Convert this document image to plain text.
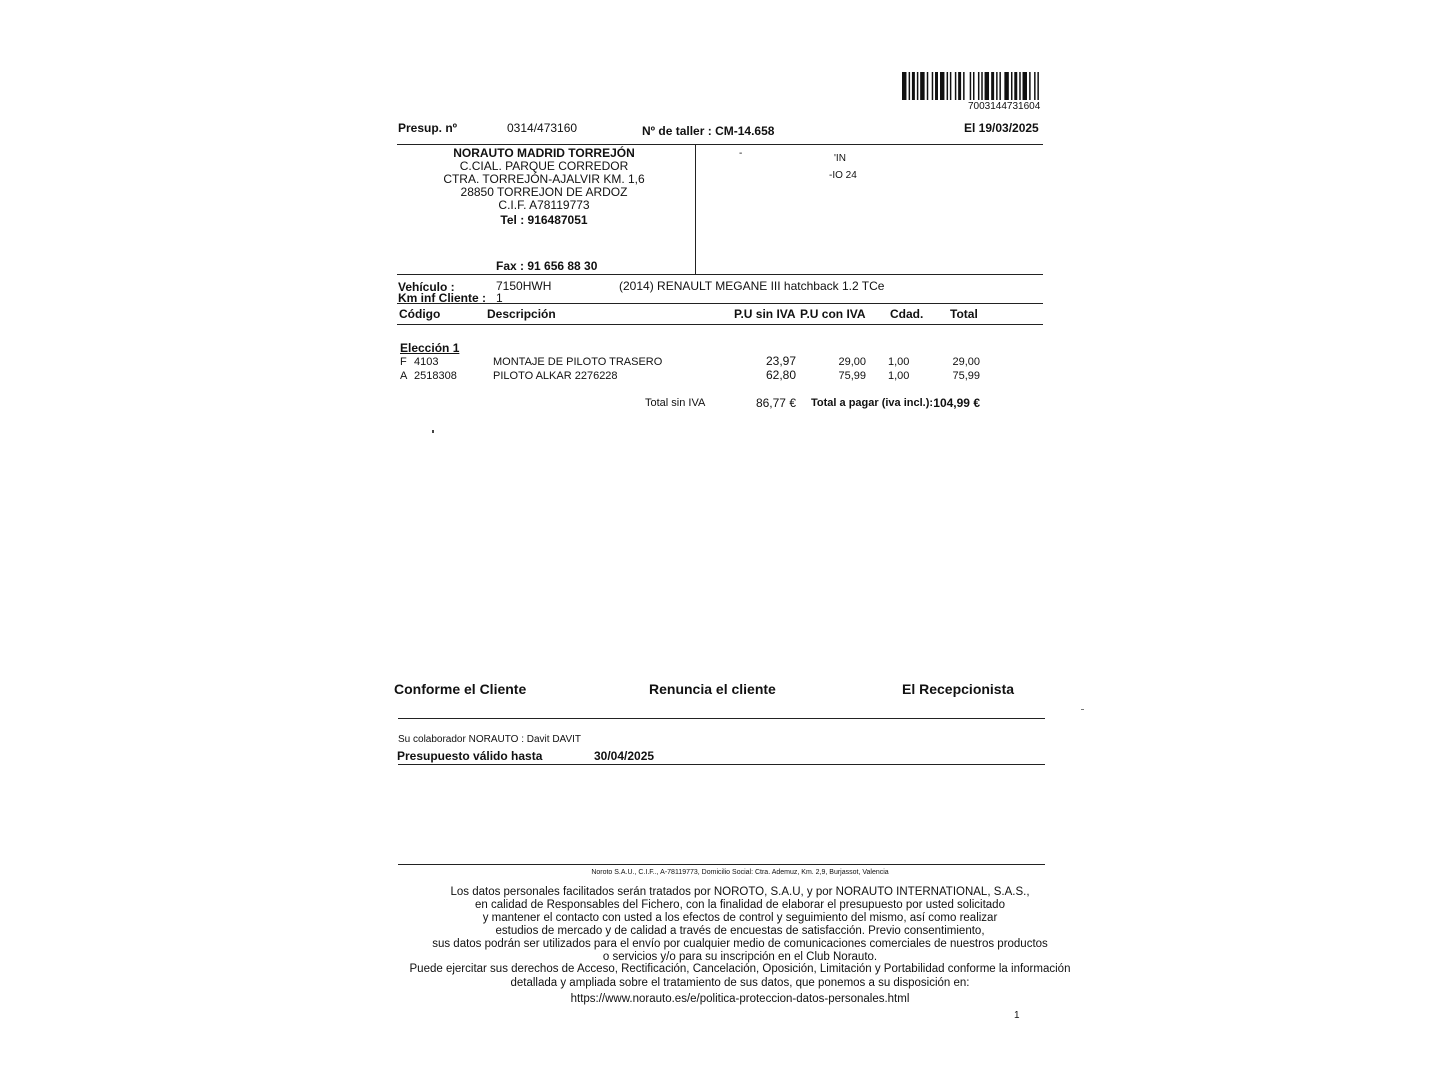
7003144731604
Presup. nº	0314/473160	Nº de taller : CM-14.658	El 19/03/2025
NORAUTO MADRID TORREJÓN
C.CIAL. PARQUE CORREDOR
CTRA. TORREJÓN-AJALVIR KM. 1,6
28850 TORREJON DE ARDOZ
C.I.F. A78119773
Tel : 916487051
Fax : 91 656 88 30
-	'IN
-IO 24
Vehículo :	7150HWH	(2014) RENAULT MEGANE III hatchback 1.2 TCe
Km inf Cliente : 1
Código	Descripción	P.U sin IVA P.U con IVA Cdad. Total
Elección 1
F 4103	MONTAJE DE PILOTO TRASERO	23,97	29,00 1,00	29,00
A 2518308	PILOTO ALKAR 2276228	62,80	75,99 1,00	75,99
Total sin IVA	86,77 € Total a pagar (iva incl.): 104,99 €
Conforme el Cliente	Renuncia el cliente	El Recepcionista
Su colaborador NORAUTO : Davit DAVIT
Presupuesto válido hasta	30/04/2025
Noroto S.A.U., C.I.F.., A-78119773, Domicilio Social: Ctra. Ademuz, Km. 2,9, Burjassot, Valencia
Los datos personales facilitados serán tratados por NOROTO, S.A.U, y por NORAUTO INTERNATIONAL, S.A.S.,
en calidad de Responsables del Fichero, con la finalidad de elaborar el presupuesto por usted solicitado
y mantener el contacto con usted a los efectos de control y seguimiento del mismo, así como realizar
estudios de mercado y de calidad a través de encuestas de satisfacción. Previo consentimiento,
sus datos podrán ser utilizados para el envío por cualquier medio de comunicaciones comerciales de nuestros productos
o servicios y/o para su inscripción en el Club Norauto.
Puede ejercitar sus derechos de Acceso, Rectificación, Cancelación, Oposición, Limitación y Portabilidad conforme la información
detallada y ampliada sobre el tratamiento de sus datos, que ponemos a su disposición en:
https://www.norauto.es/e/politica-proteccion-datos-personales.html
1
